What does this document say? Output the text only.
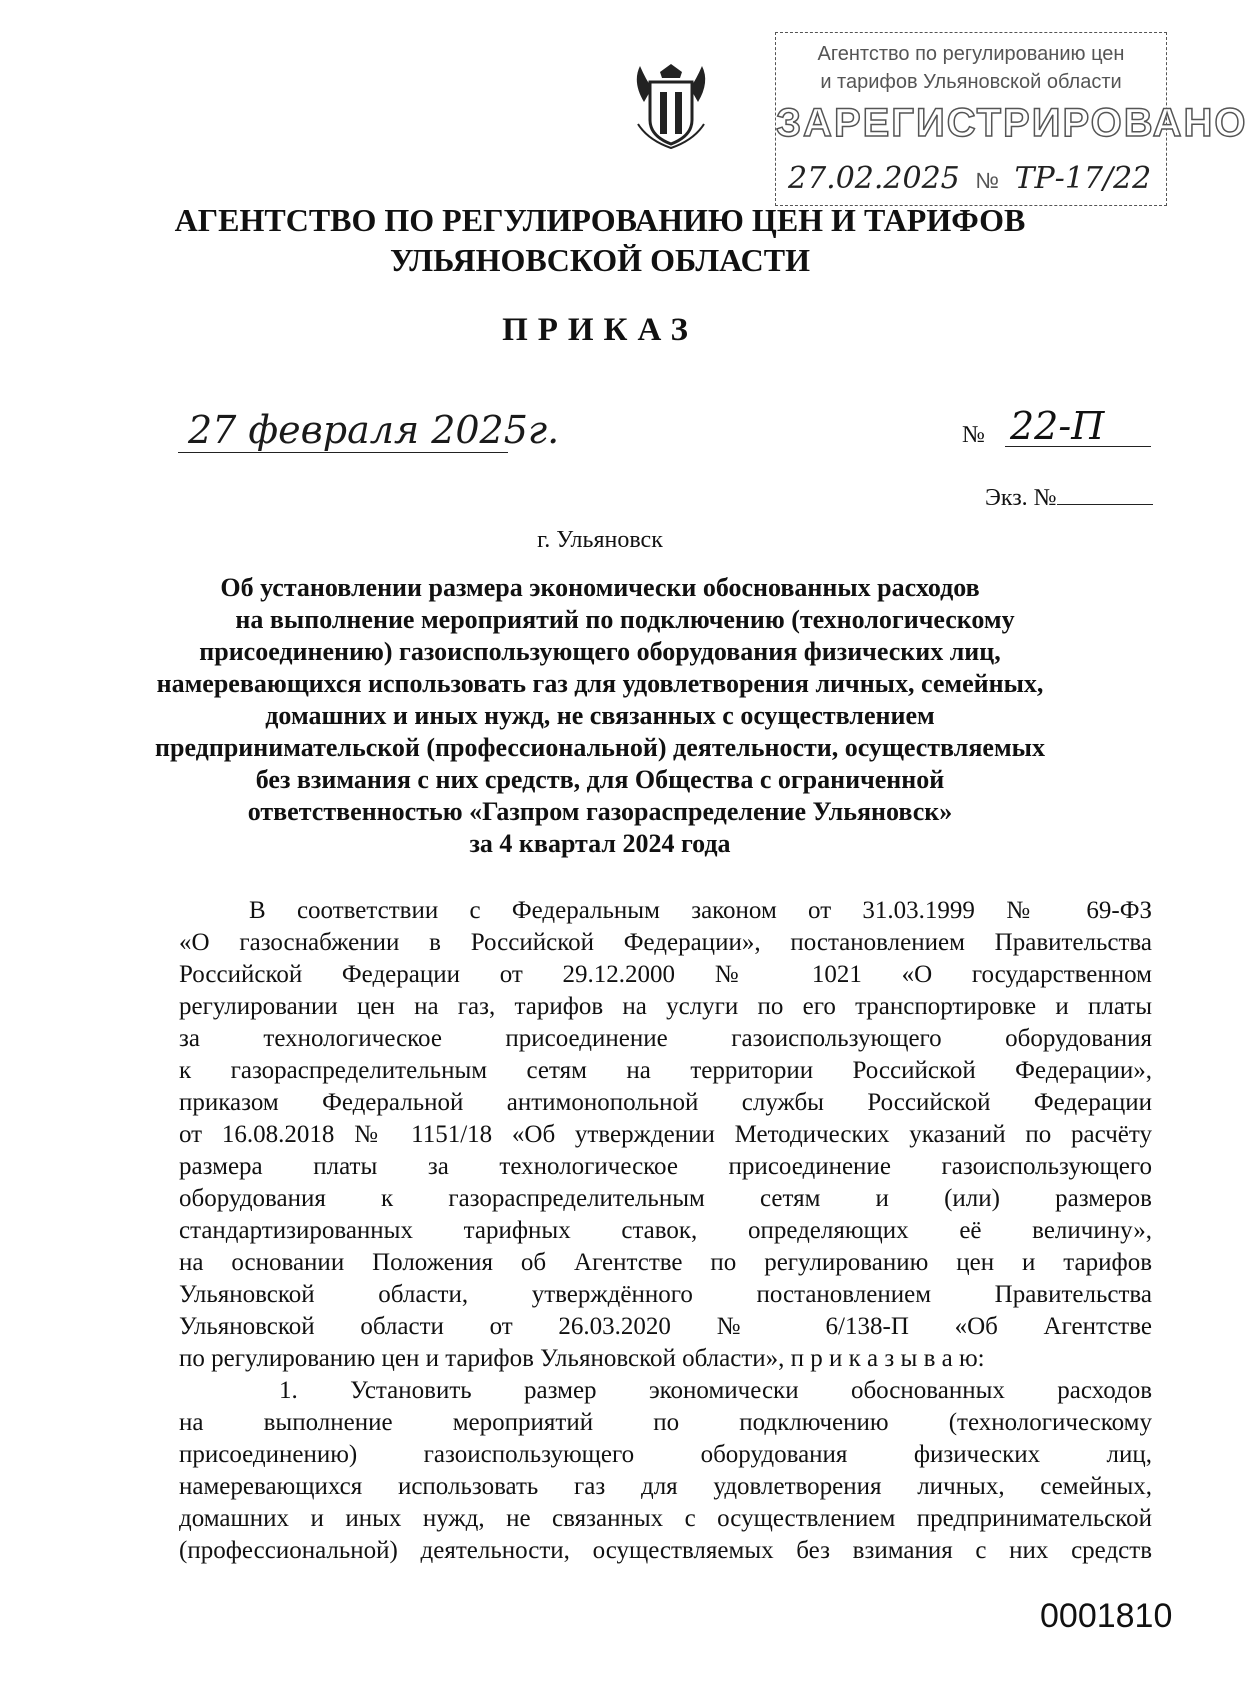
Агентство по регулированию цен
и тарифов Ульяновской области
ЗАРЕГИСТРИРОВАНО
27.02.2025 № ТР-17/22
АГЕНТСТВО ПО РЕГУЛИРОВАНИЮ ЦЕН И ТАРИФОВ
УЛЬЯНОВСКОЙ ОБЛАСТИ
ПРИКАЗ
27 февраля 2025г.	№ 22-П
Экз. №
г. Ульяновск
Об установлении размера экономически обоснованных расходов
на выполнение мероприятий по подключению (технологическому
присоединению) газоиспользующего оборудования физических лиц,
намеревающихся использовать газ для удовлетворения личных, семейных,
домашних и иных нужд, не связанных с осуществлением
предпринимательской (профессиональной) деятельности, осуществляемых
без взимания с них средств, для Общества с ограниченной
ответственностью «Газпром газораспределение Ульяновск»
за 4 квартал 2024 года
В соответствии с Федеральным законом от 31.03.1999 № 69-ФЗ
«О газоснабжении в Российской Федерации», постановлением Правительства
Российской Федерации от 29.12.2000 № 1021 «О государственном
регулировании цен на газ, тарифов на услуги по его транспортировке и платы
за технологическое присоединение газоиспользующего оборудования
к газораспределительным сетям на территории Российской Федерации»,
приказом Федеральной антимонопольной службы Российской Федерации
от 16.08.2018 № 1151/18 «Об утверждении Методических указаний по расчёту
размера платы за технологическое присоединение газоиспользующего
оборудования к газораспределительным сетям и (или) размеров
стандартизированных тарифных ставок, определяющих её величину»,
на основании Положения об Агентстве по регулированию цен и тарифов
Ульяновской области, утверждённого постановлением Правительства
Ульяновской области от 26.03.2020 № 6/138-П «Об Агентстве
по регулированию цен и тарифов Ульяновской области», п р и к а з ы в а ю:
1. Установить размер экономически обоснованных расходов
на выполнение мероприятий по подключению (технологическому
присоединению) газоиспользующего оборудования физических лиц,
намеревающихся использовать газ для удовлетворения личных, семейных,
домашних и иных нужд, не связанных с осуществлением предпринимательской
(профессиональной) деятельности, осуществляемых без взимания с них средств
0001810
